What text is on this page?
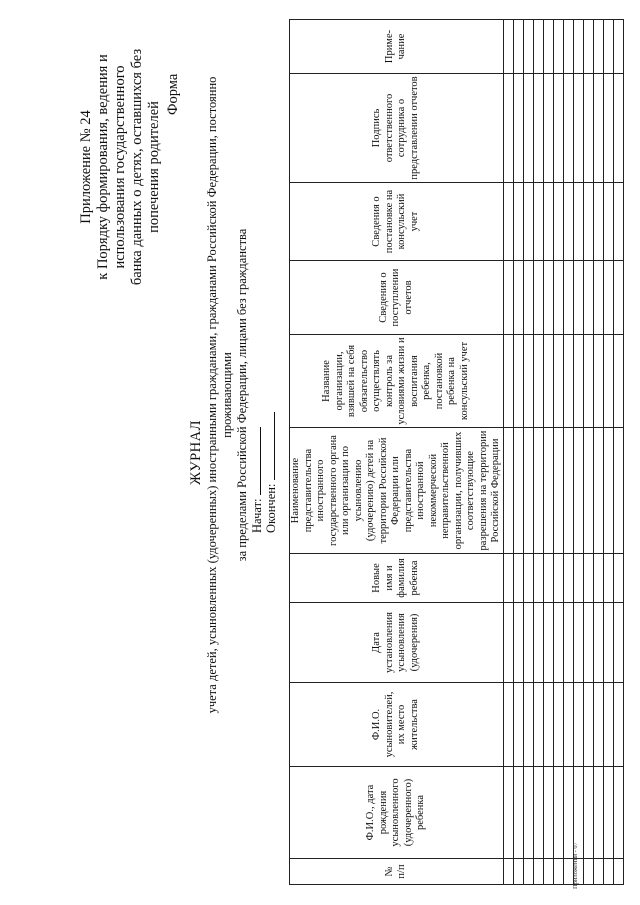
Приложение № 24 к Порядку формирования, ведения и использования государственного банка данных о детях, оставшихся без попечения родителей
Форма
ЖУРНАЛ учета детей, усыновленных (удочеренных) иностранными гражданами, гражданами Российской Федерации, постоянно проживающими за пределами Российской Федерации, лицами без гражданства Начат: Окончен:
№ п/п	Ф.И.О., дата рождения усыновленного (удочеренного) ребенка	Ф.И.О. усыновителей, их место жительства	Дата установления усыновления (удочерения)	Новые имя и фамилия ребенка	Наименование представительства иностранного государственного органа или организации по усыновлению (удочерению) детей на территории Российской Федерации или представительства иностранной некоммерческой неправительственной организации, получивших соответствующие разрешения на территории Российской Федерации	Название организации, взявшей на себя обязательство осуществлять контроль за условиями жизни и воспитания ребенка, постановкой ребенка на консульский учет	Сведения о поступлении отчетов	Сведения о постановке на консульский учет	Подпись ответственного сотрудника о представлении отчетов	Приме-чание

Приложения - 07
